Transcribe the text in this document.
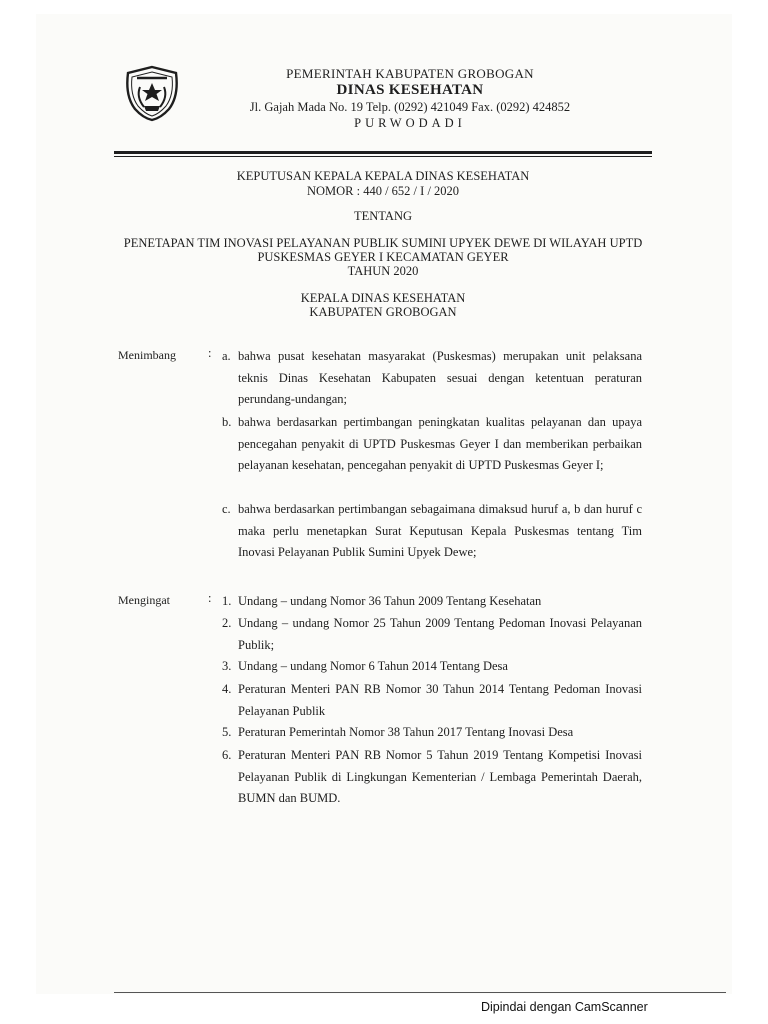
PEMERINTAH KABUPATEN GROBOGAN
DINAS KESEHATAN
Jl. Gajah Mada No. 19 Telp. (0292) 421049 Fax. (0292) 424852
PURWODADI
KEPUTUSAN KEPALA KEPALA DINAS KESEHATAN
NOMOR : 440 / 652 / I / 2020
TENTANG
PENETAPAN TIM INOVASI PELAYANAN PUBLIK SUMINI UPYEK DEWE DI WILAYAH UPTD
PUSKESMAS GEYER I KECAMATAN GEYER
TAHUN 2020
KEPALA DINAS KESEHATAN
KABUPATEN GROBOGAN
Menimbang	: a. bahwa pusat kesehatan masyarakat (Puskesmas) merupakan unit pelaksana teknis Dinas Kesehatan Kabupaten sesuai dengan ketentuan peraturan perundang-undangan;
b. bahwa berdasarkan pertimbangan peningkatan kualitas pelayanan dan upaya pencegahan penyakit di UPTD Puskesmas Geyer I dan memberikan perbaikan pelayanan kesehatan, pencegahan penyakit di UPTD Puskesmas Geyer I;
c. bahwa berdasarkan pertimbangan sebagaimana dimaksud huruf a, b dan huruf c maka perlu menetapkan Surat Keputusan Kepala Puskesmas tentang Tim Inovasi Pelayanan Publik Sumini Upyek Dewe;
Mengingat	: 1. Undang – undang Nomor 36 Tahun 2009 Tentang Kesehatan
2. Undang – undang Nomor 25 Tahun 2009 Tentang Pedoman Inovasi Pelayanan Publik;
3. Undang – undang Nomor 6 Tahun 2014 Tentang Desa
4. Peraturan Menteri PAN RB Nomor 30 Tahun 2014 Tentang Pedoman Inovasi Pelayanan Publik
5. Peraturan Pemerintah Nomor 38 Tahun 2017 Tentang Inovasi Desa
6. Peraturan Menteri PAN RB Nomor 5 Tahun 2019 Tentang Kompetisi Inovasi Pelayanan Publik di Lingkungan Kementerian / Lembaga Pemerintah Daerah, BUMN dan BUMD.
Dipindai dengan CamScanner
